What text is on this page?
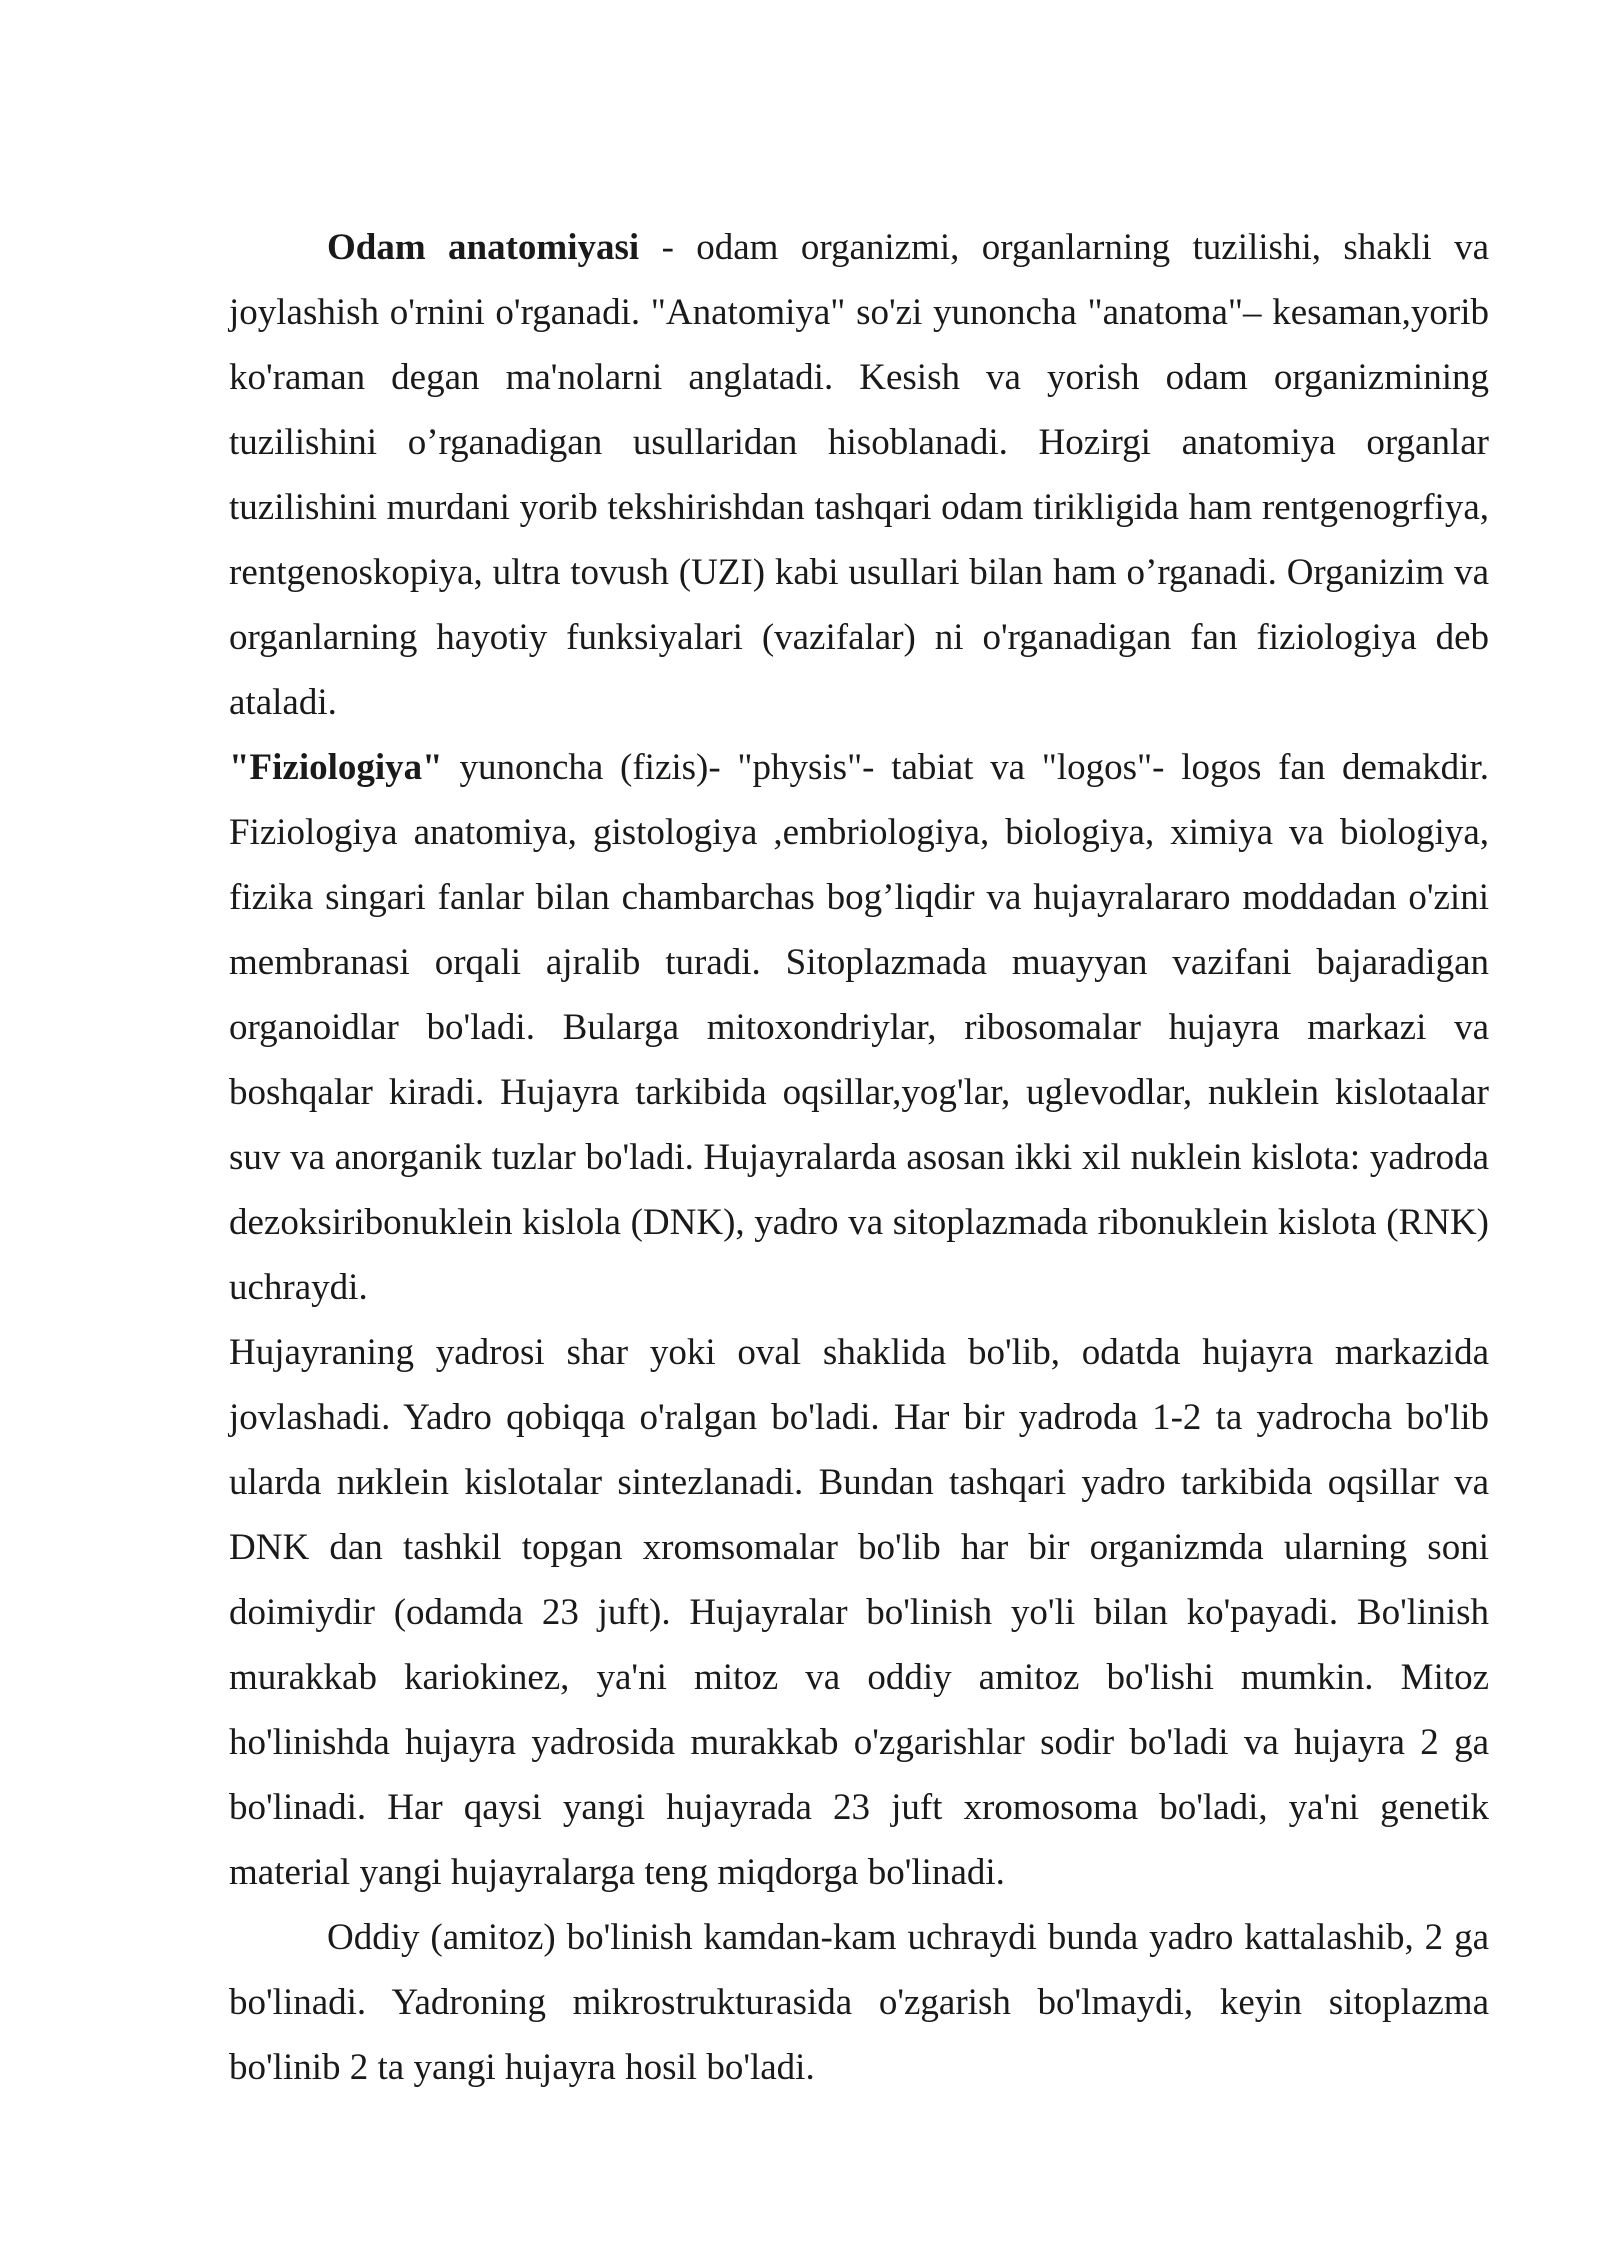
Odam anatomiyasi - odam organizmi, organlarning tuzilishi, shakli va joylashish o'rnini o'rganadi. "Anatomiya" so'zi yunoncha "anatoma"– kesaman,yorib ko'raman degan ma'nolarni anglatadi. Kesish va yorish odam organizmining tuzilishini o’rganadigan usullaridan hisoblanadi. Hozirgi anatomiya organlar tuzilishini murdani yorib tekshirishdan tashqari odam tirikligida ham rentgenogrfiya, rentgenoskopiya, ultra tovush (UZI) kabi usullari bilan ham o’rganadi. Organizim va organlarning hayotiy funksiyalari (vazifalar) ni o'rganadigan fan fiziologiya deb ataladi.

"Fiziologiya" yunoncha (fizis)- "physis"- tabiat va "logos"- logos fan demakdir. Fiziologiya anatomiya, gistologiya ,embriologiya, biologiya, ximiya va biologiya, fizika singari fanlar bilan chambarchas bog’liqdir va hujayralararo moddadan o'zini membranasi orqali ajralib turadi. Sitoplazmada muayyan vazifani bajaradigan organoidlar bo'ladi. Bularga mitoxondriylar, ribosomalar hujayra markazi va boshqalar kiradi. Hujayra tarkibida oqsillar,yog'lar, uglevodlar, nuklein kislotaalar suv va anorganik tuzlar bo'ladi. Hujayralarda asosan ikki xil nuklein kislota: yadroda dezoksiribonuklein kislola (DNK), yadro va sitoplazmada ribonuklein kislota (RNK) uchraydi.

Hujayraning yadrosi shar yoki oval shaklida bo'lib, odatda hujayra markazida jovlashadi. Yadro qobiqqa o'ralgan bo'ladi. Har bir yadroda 1-2 ta yadrocha bo'lib ularda nиklein kislotalar sintezlanadi. Bundan tashqari yadro tarkibida oqsillar va DNK dan tashkil topgan xromsomalar bo'lib har bir organizmda ularning soni doimiydir (odamda 23 juft). Hujayralar bo'linish yo'li bilan ko'payadi. Bo'linish murakkab kariokinez, ya'ni mitoz va oddiy amitoz bo'lishi mumkin. Mitoz ho'linishda hujayra yadrosida murakkab o'zgarishlar sodir bo'ladi va hujayra 2 ga bo'linadi. Har qaysi yangi hujayrada 23 juft xromosoma bo'ladi, ya'ni genetik material yangi hujayralarga teng miqdorga bo'linadi.

Oddiy (amitoz) bo'linish kamdan-kam uchraydi bunda yadro kattalashib, 2 ga bo'linadi. Yadroning mikrostrukturasida o'zgarish bo'lmaydi, keyin sitoplazma bo'linib 2 ta yangi hujayra hosil bo'ladi.
